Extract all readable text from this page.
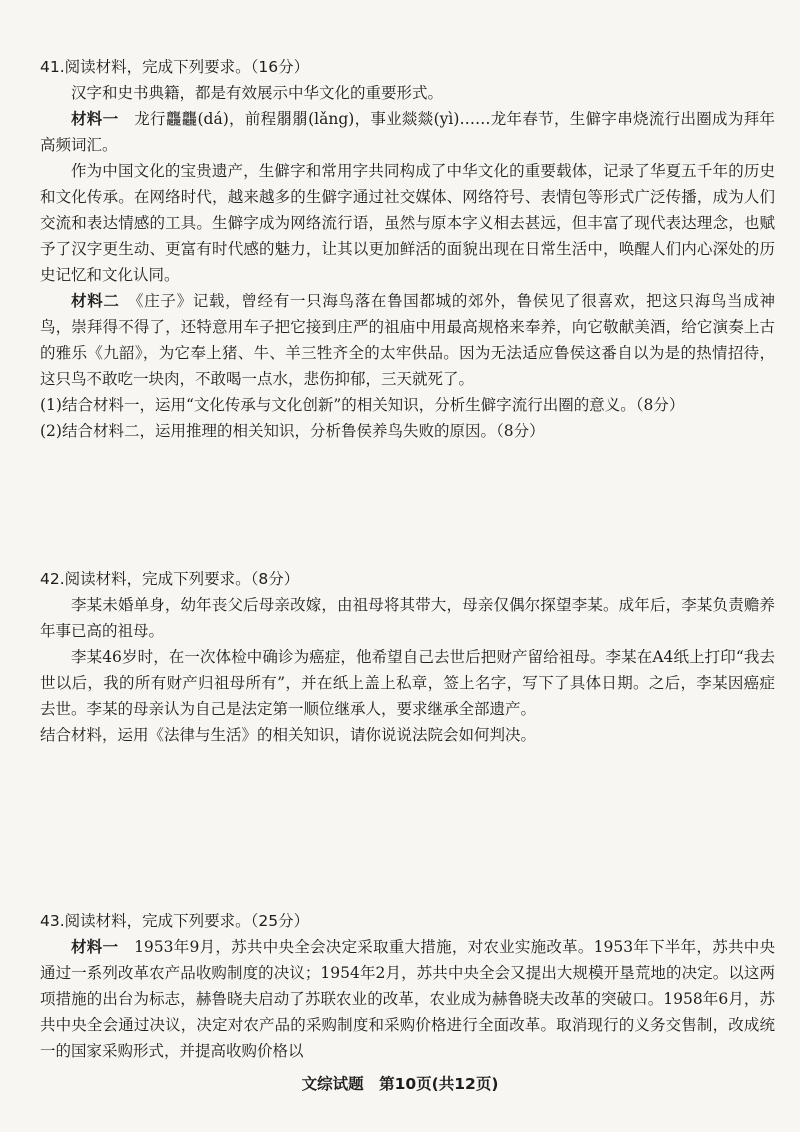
41.阅读材料，完成下列要求。（16分）

汉字和史书典籍，都是有效展示中华文化的重要形式。

材料一　 龙行龘龘(dá)，前程朤朤(lǎng)，事业燚燚(yì)……龙年春节，生僻字串烧流行出圈成为拜年高频词汇。

作为中国文化的宝贵遗产，生僻字和常用字共同构成了中华文化的重要载体，记录了华夏五千年的历史和文化传承。在网络时代，越来越多的生僻字通过社交媒体、网络符号、表情包等形式广泛传播，成为人们交流和表达情感的工具。生僻字成为网络流行语，虽然与原本字义相去甚远，但丰富了现代表达理念，也赋予了汉字更生动、更富有时代感的魅力，让其以更加鲜活的面貌出现在日常生活中，唤醒人们内心深处的历史记忆和文化认同。

材料二　 《庄子》记载，曾经有一只海鸟落在鲁国都城的郊外，鲁侯见了很喜欢，把这只海鸟当成神鸟，崇拜得不得了，还特意用车子把它接到庄严的祖庙中用最高规格来奉养，向它敬献美酒，给它演奏上古的雅乐《九韶》，为它奉上猪、牛、羊三牲齐全的太牢供品。因为无法适应鲁侯这番自以为是的热情招待，这只鸟不敢吃一块肉，不敢喝一点水，悲伤抑郁，三天就死了。

(1)结合材料一，运用“文化传承与文化创新”的相关知识，分析生僻字流行出圈的意义。（8分）

(2)结合材料二，运用推理的相关知识，分析鲁侯养鸟失败的原因。（8分）

42.阅读材料，完成下列要求。（8分）

李某未婚单身，幼年丧父后母亲改嫁，由祖母将其带大，母亲仅偶尔探望李某。成年后，李某负责赡养年事已高的祖母。

李某46岁时，在一次体检中确诊为癌症，他希望自己去世后把财产留给祖母。李某在A4纸上打印“我去世以后，我的所有财产归祖母所有”，并在纸上盖上私章，签上名字，写下了具体日期。之后，李某因癌症去世。李某的母亲认为自己是法定第一顺位继承人，要求继承全部遗产。

结合材料，运用《法律与生活》的相关知识，请你说说法院会如何判决。

43.阅读材料，完成下列要求。（25分）

材料一　 1953年9月，苏共中央全会决定采取重大措施，对农业实施改革。1953年下半年，苏共中央通过一系列改革农产品收购制度的决议；1954年2月，苏共中央全会又提出大规模开垦荒地的决定。以这两项措施的出台为标志，赫鲁晓夫启动了苏联农业的改革，农业成为赫鲁晓夫改革的突破口。1958年6月，苏共中央全会通过决议，决定对农产品的采购制度和采购价格进行全面改革。取消现行的义务交售制，改成统一的国家采购形式，并提高收购价格以

文综试题　第10页(共12页)
